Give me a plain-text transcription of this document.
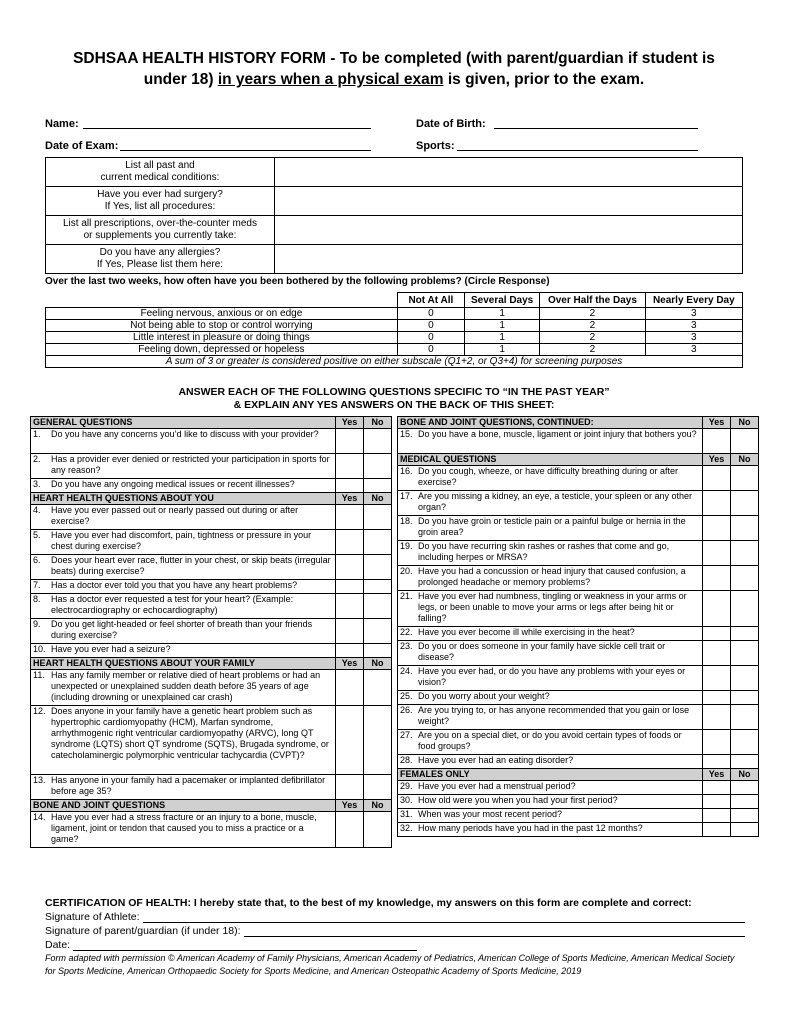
SDHSAA HEALTH HISTORY FORM - To be completed (with parent/guardian if student is
under 18) in years when a physical exam is given, prior to the exam.
Name:	Date of Birth:
Date of Exam:	Sports:
List all past and
current medical conditions:	

Have you ever had surgery?
If Yes, list all procedures:	

List all prescriptions, over-the-counter meds
or supplements you currently take:	

Do you have any allergies?
If Yes, Please list them here:	

Over the last two weeks, how often have you been bothered by the following problems? (Circle Response)
	Not At All	Several Days	Over Half the Days	Nearly Every Day
Feeling nervous, anxious or on edge	0	1	2	3
Not being able to stop or control worrying	0	1	2	3
Little interest in pleasure or doing things	0	1	2	3
Feeling down, depressed or hopeless	0	1	2	3
A sum of 3 or greater is considered positive on either subscale (Q1+2, or Q3+4) for screening purposes				
ANSWER EACH OF THE FOLLOWING QUESTIONS SPECIFIC TO “IN THE PAST YEAR”
& EXPLAIN ANY YES ANSWERS ON THE BACK OF THIS SHEET:
GENERAL QUESTIONS		Yes	No
1.	Do you have any concerns you’d like to discuss with your provider?		
2.	Has a provider ever denied or restricted your participation in sports for any reason?		
3.	Do you have any ongoing medical issues or recent illnesses?		
HEART HEALTH QUESTIONS ABOUT YOU		Yes	No
4.	Have you ever passed out or nearly passed out during or after exercise?		
5.	Have you ever had discomfort, pain, tightness or pressure in your chest during exercise?		
6.	Does your heart ever race, flutter in your chest, or skip beats (irregular beats) during exercise?		
7.	Has a doctor ever told you that you have any heart problems?		
8.	Has a doctor ever requested a test for your heart? (Example: electrocardiography or echocardiography)		
9.	Do you get light-headed or feel shorter of breath than your friends during exercise?		
10.	Have you ever had a seizure?		
HEART HEALTH QUESTIONS ABOUT YOUR FAMILY		Yes	No
11.	Has any family member or relative died of heart problems or had an unexpected or unexplained sudden death before 35 years of age (including drowning or unexplained car crash)		
12.	Does anyone in your family have a genetic heart problem such as hypertrophic cardiomyopathy (HCM), Marfan syndrome, arrhythmogenic right ventricular cardiomyopathy (ARVC), long QT syndrome (LQTS) short QT syndrome (SQTS), Brugada syndrome, or catecholaminergic polymorphic ventricular tachycardia (CVPT)?		
13.	Has anyone in your family had a pacemaker or implanted defibrillator before age 35?		
BONE AND JOINT QUESTIONS		Yes	No
14.	Have you ever had a stress fracture or an injury to a bone, muscle, ligament, joint or tendon that caused you to miss a practice or a game?		
BONE AND JOINT QUESTIONS, CONTINUED:		Yes	No
15.	Do you have a bone, muscle, ligament or joint injury that bothers you?		
MEDICAL QUESTIONS		Yes	No
16.	Do you cough, wheeze, or have difficulty breathing during or after exercise?		
17.	Are you missing a kidney, an eye, a testicle, your spleen or any other organ?		
18.	Do you have groin or testicle pain or a painful bulge or hernia in the groin area?		
19.	Do you have recurring skin rashes or rashes that come and go, including herpes or MRSA?		
20.	Have you had a concussion or head injury that caused confusion, a prolonged headache or memory problems?		
21.	Have you ever had numbness, tingling or weakness in your arms or legs, or been unable to move your arms or legs after being hit or falling?		
22.	Have you ever become ill while exercising in the heat?		
23.	Do you or does someone in your family have sickle cell trait or disease?		
24.	Have you ever had, or do you have any problems with your eyes or vision?		
25.	Do you worry about your weight?		
26.	Are you trying to, or has anyone recommended that you gain or lose weight?		
27.	Are you on a special diet, or do you avoid certain types of foods or food groups?		
28.	Have you ever had an eating disorder?		
FEMALES ONLY		Yes	No
29.	Have you ever had a menstrual period?		
30.	How old were you when you had your first period?		
31.	When was your most recent period?		
32.	How many periods have you had in the past 12 months?		
CERTIFICATION OF HEALTH: I hereby state that, to the best of my knowledge, my answers on this form are complete and correct:
Signature of Athlete:
Signature of parent/guardian (if under 18):
Date:
Form adapted with permission © American Academy of Family Physicians, American Academy of Pediatrics, American College of Sports Medicine, American Medical Society for Sports Medicine, American Orthopaedic Society for Sports Medicine, and American Osteopathic Academy of Sports Medicine, 2019
